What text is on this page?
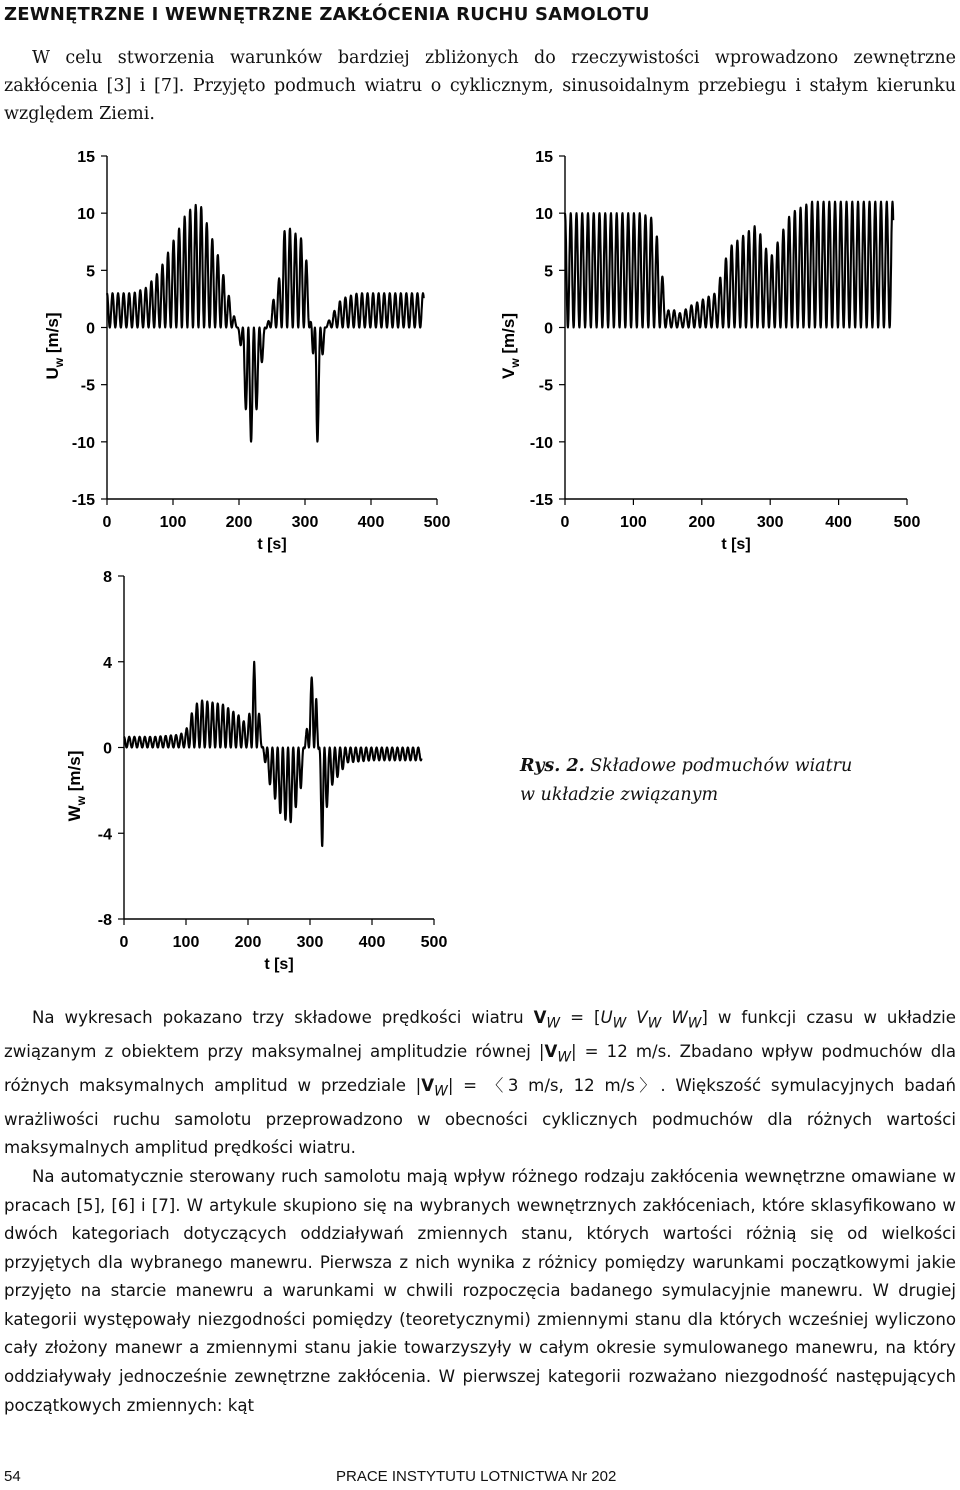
ZEWNĘTRZNE I WEWNĘTRZNE ZAKŁÓCENIA RUCHU SAMOLOTU

W celu stworzenia warunków bardziej zbliżonych do rzeczywistości wprowadzono zewnętrzne zakłócenia [3] i [7]. Przyjęto podmuch wiatru o cyklicznym, sinusoidalnym przebiegu i stałym kierunku względem Ziemi.

15
10
5
0
-5
-10
-15
0	100 200 300 400 500
t [s]
$U_w$ [m/s]
15
10
5
0
-5
-10
-15
0	100	200	300	400	500
t [s]
$V_w$ [m/s]
8
4
0
-4
-8
0	100 200 300 400 500
t [s]
$W_w$ [m/s]	Rys. 2. Składowe podmuchów wiatru
w układzie związanym

Na wykresach pokazano trzy składowe prędkości wiatru $V_W = [U_W$ $V_W$ $W_W$] w funkcji czasu w układzie związanym z obiektem przy maksymalnej amplitudzie równej $|V_W| = 12$ m/s. Zbadano wpływ podmuchów dla różnych maksymalnych amplitud w przedziale $|V_W|$ = 〈3 m/s, 12 m/s〉. Większość symulacyjnych badań wrażliwości ruchu samolotu przeprowadzono w obecności cyklicznych podmuchów dla różnych wartości maksymalnych amplitud prędkości wiatru.

Na automatycznie sterowany ruch samolotu mają wpływ różnego rodzaju zakłócenia wewnętrzne omawiane w pracach [5], [6] i [7]. W artykule skupiono się na wybranych wewnętrznych zakłóceniach, które sklasyfikowano w dwóch kategoriach dotyczących oddziaływań zmiennych stanu, których wartości różnią się od wielkości przyjętych dla wybranego manewru. Pierwsza z nich wynika z różnicy pomiędzy warunkami początkowymi jakie przyjęto na starcie manewru a warunkami w chwili rozpoczęcia badanego symulacyjnie manewru. W drugiej kategorii występowały niezgodności pomiędzy (teoretycznymi) zmiennymi stanu dla których wcześniej wyliczono cały złożony manewr a zmiennymi stanu jakie towarzyszyły w całym okresie symulowanego manewru, na który oddziaływały jednocześnie zewnętrzne zakłócenia. W pierwszej kategorii rozważano niezgodność następujących początkowych zmiennych: kąt

54	PRACE INSTYTUTU LOTNICTWA Nr 202
